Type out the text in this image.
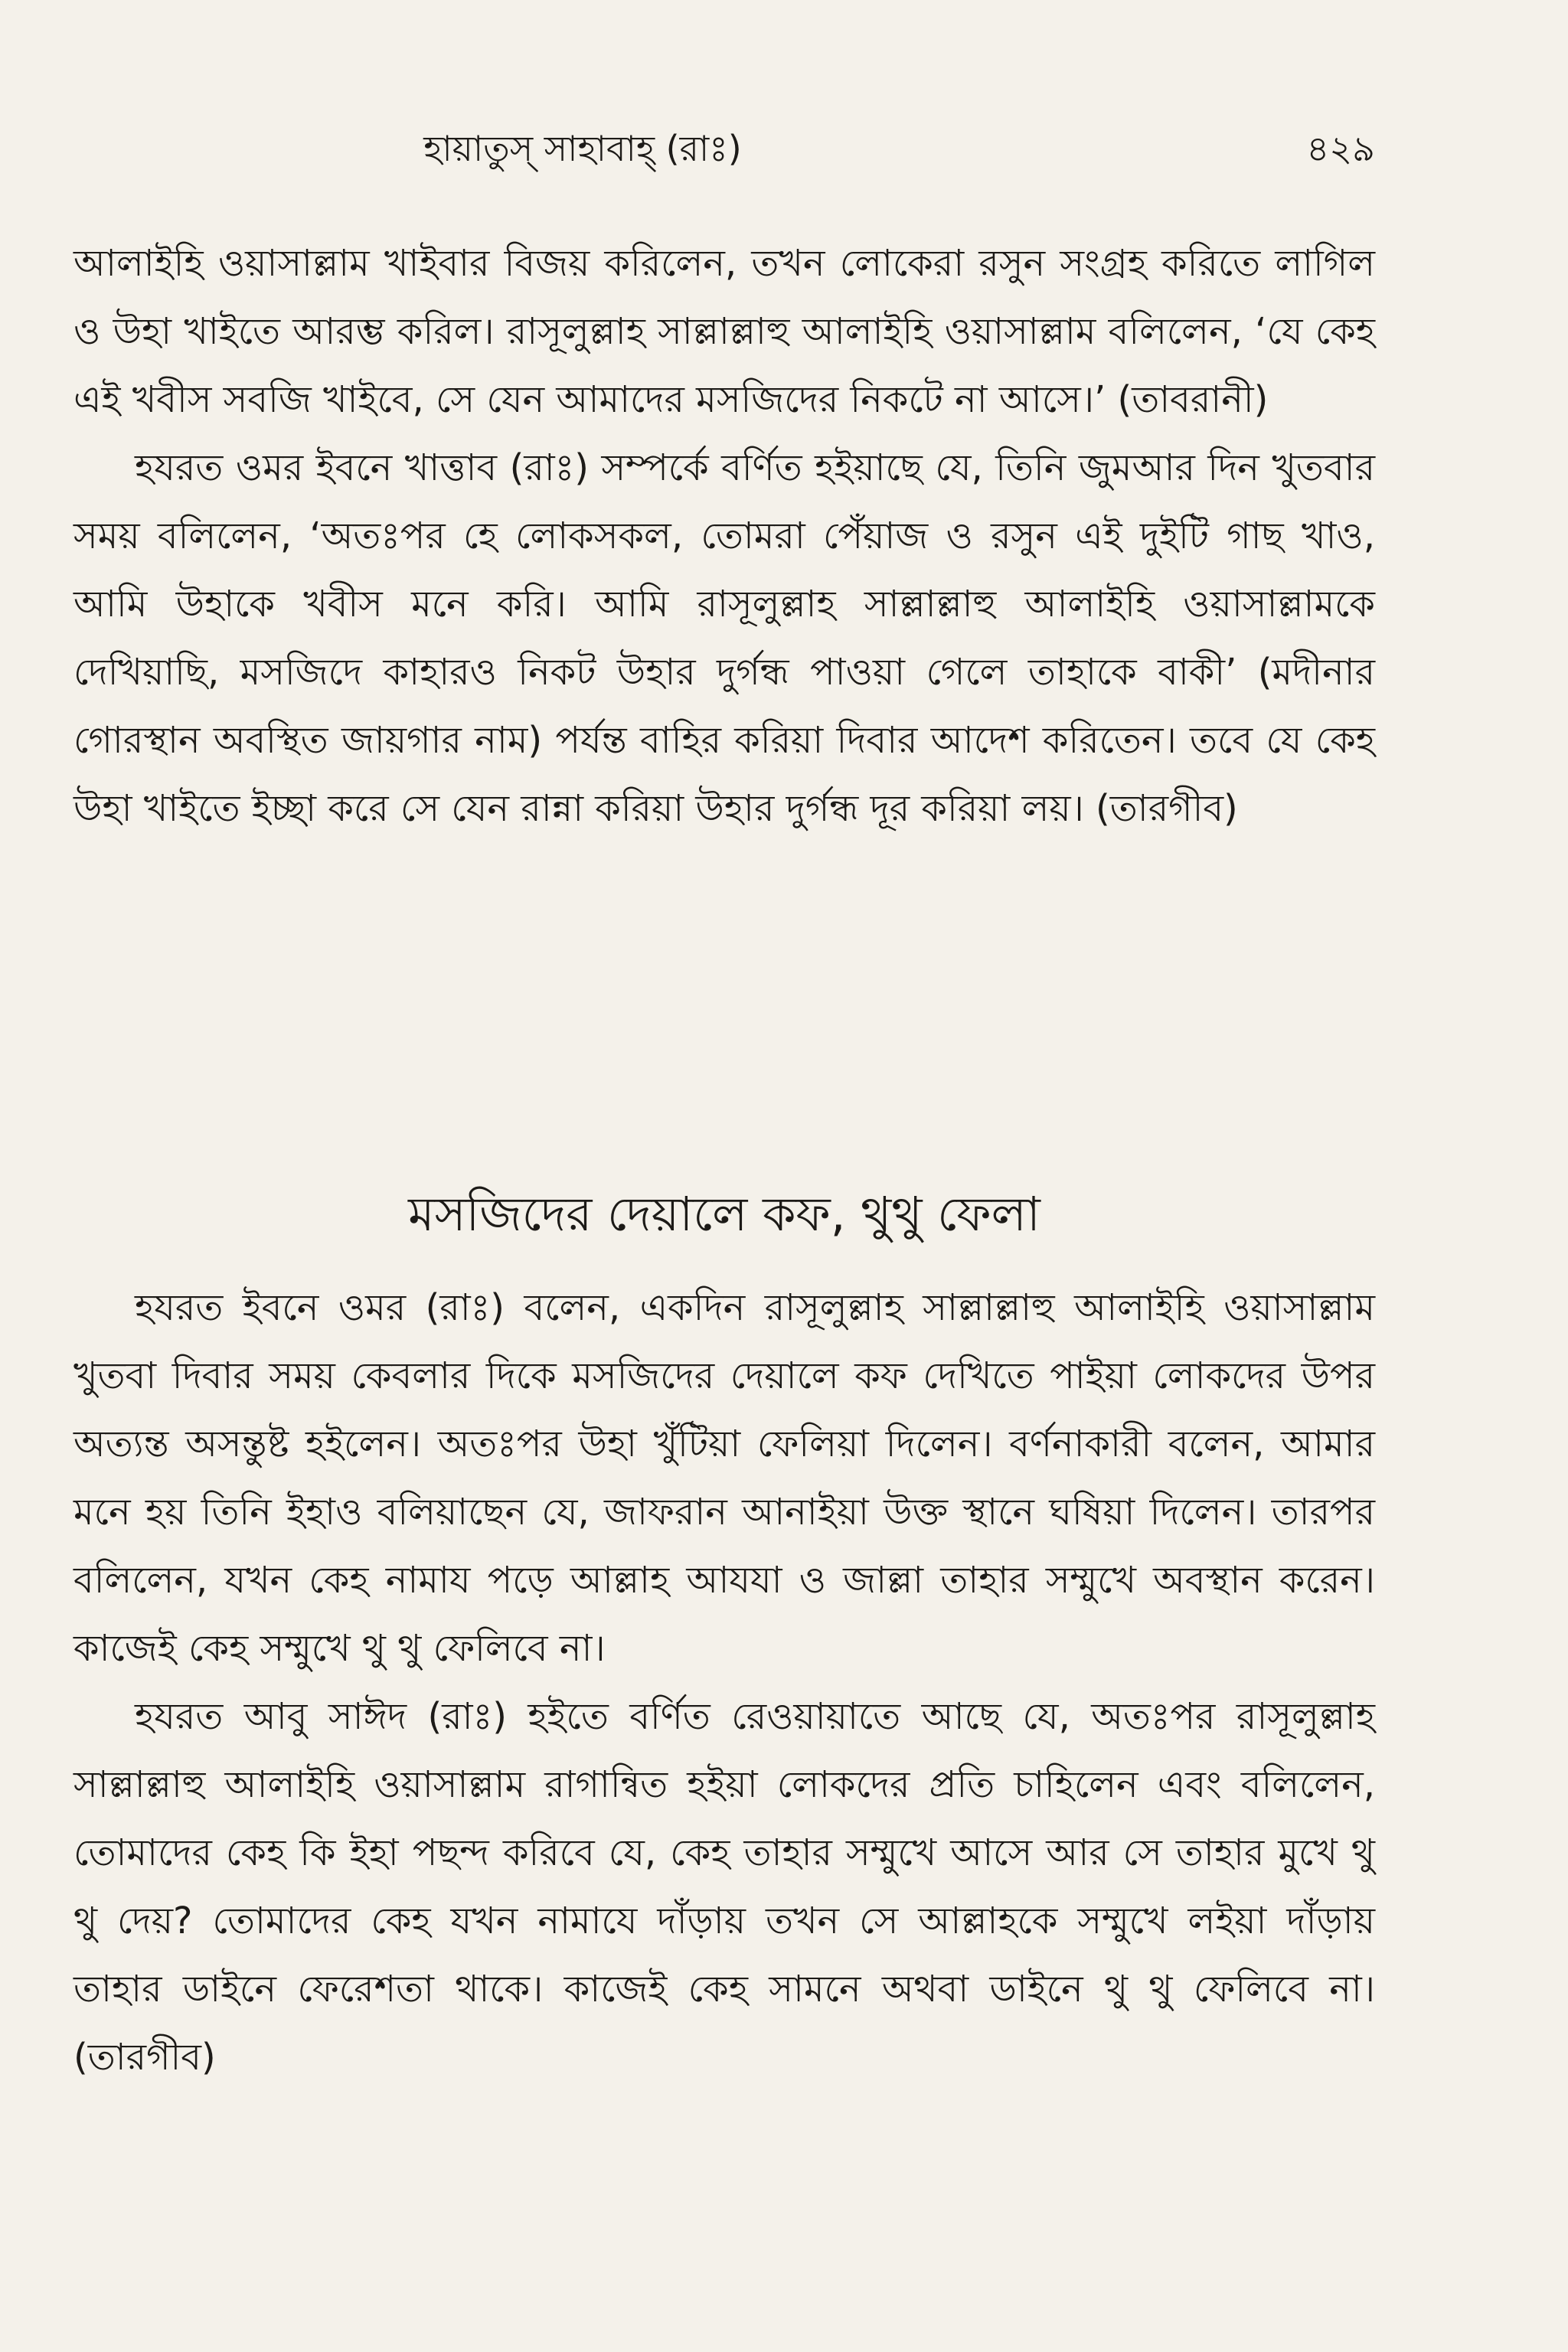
হায়াতুস্ সাহাবাহ্ (রাঃ)	৪২৯

আলাইহি ওয়াসাল্লাম খাইবার বিজয় করিলেন, তখন লোকেরা রসুন সংগ্রহ করিতে লাগিল ও উহা খাইতে আরম্ভ করিল। রাসূলুল্লাহ সাল্লাল্লাহু আলাইহি ওয়াসাল্লাম বলিলেন, ‘যে কেহ এই খবীস সবজি খাইবে, সে যেন আমাদের মসজিদের নিকটে না আসে।’ (তাবরানী)

হযরত ওমর ইবনে খাত্তাব (রাঃ) সম্পর্কে বর্ণিত হইয়াছে যে, তিনি জুমআর দিন খুতবার সময় বলিলেন, ‘অতঃপর হে লোকসকল, তোমরা পেঁয়াজ ও রসুন এই দুইটি গাছ খাও, আমি উহাকে খবীস মনে করি। আমি রাসূলুল্লাহ সাল্লাল্লাহু আলাইহি ওয়াসাল্লামকে দেখিয়াছি, মসজিদে কাহারও নিকট উহার দুর্গন্ধ পাওয়া গেলে তাহাকে বাকী’ (মদীনার গোরস্থান অবস্থিত জায়গার নাম) পর্যন্ত বাহির করিয়া দিবার আদেশ করিতেন। তবে যে কেহ উহা খাইতে ইচ্ছা করে সে যেন রান্না করিয়া উহার দুর্গন্ধ দূর করিয়া লয়। (তারগীব)

মসজিদের দেয়ালে কফ, থুথু ফেলা

হযরত ইবনে ওমর (রাঃ) বলেন, একদিন রাসূলুল্লাহ সাল্লাল্লাহু আলাইহি ওয়াসাল্লাম খুতবা দিবার সময় কেবলার দিকে মসজিদের দেয়ালে কফ দেখিতে পাইয়া লোকদের উপর অত্যন্ত অসন্তুষ্ট হইলেন। অতঃপর উহা খুঁটিয়া ফেলিয়া দিলেন। বর্ণনাকারী বলেন, আমার মনে হয় তিনি ইহাও বলিয়াছেন যে, জাফরান আনাইয়া উক্ত স্থানে ঘষিয়া দিলেন। তারপর বলিলেন, যখন কেহ নামায পড়ে আল্লাহ আযযা ও জাল্লা তাহার সম্মুখে অবস্থান করেন। কাজেই কেহ সম্মুখে থু থু ফেলিবে না।

হযরত আবু সাঈদ (রাঃ) হইতে বর্ণিত রেওয়ায়াতে আছে যে, অতঃপর রাসূলুল্লাহ সাল্লাল্লাহু আলাইহি ওয়াসাল্লাম রাগান্বিত হইয়া লোকদের প্রতি চাহিলেন এবং বলিলেন, তোমাদের কেহ কি ইহা পছন্দ করিবে যে, কেহ তাহার সম্মুখে আসে আর সে তাহার মুখে থু থু দেয়? তোমাদের কেহ যখন নামাযে দাঁড়ায় তখন সে আল্লাহকে সম্মুখে লইয়া দাঁড়ায় তাহার ডাইনে ফেরেশতা থাকে। কাজেই কেহ সামনে অথবা ডাইনে থু থু ফেলিবে না। (তারগীব)
